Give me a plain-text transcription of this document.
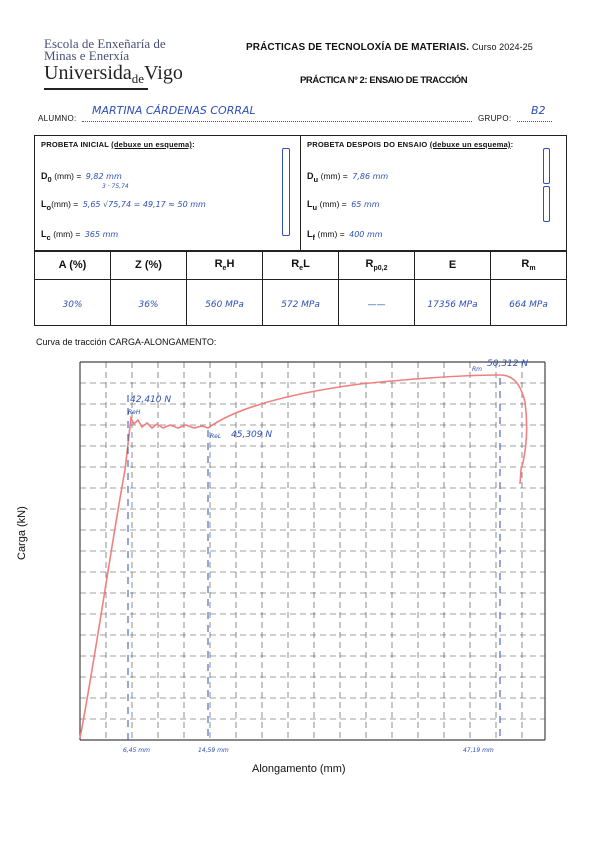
Escola de Enxeñaría de
Minas e Enerxía
Universida$_{de}$Vigo
PRÁCTICAS DE TECNOLOXÍA DE MATERIAIS. Curso 2024-25
PRÁCTICA Nº 2: ENSAIO DE TRACCIÓN
ALUMNO:
MARTINA CÁRDENAS CORRAL
GRUPO:
B2
PROBETA INICIAL (debuxe un esquema):
$D_0$ (mm) = 9,82 mm
3 · 75,74
$L_o(mm) = 5,65$ √75,74 = 49,17 ≈ 50 mm
$L_c$ (mm) = 365 mm
PROBETA DESPOIS DO ENSAIO (debuxe un esquema):
$D_u$ (mm) = 7,86 mm
$L_u$ (mm) = 65 mm
$L_f$ (mm) = 400 mm
A (%)	Z (%)	$R_eH$	$R_eL$	$R_{p0,2}$	E	$R_m$
30%	36%	560 MPa	572 MPa	——	17356 MPa	664 MPa
Curva de tracción CARGA-ALONGAMENTO:
ReH
42,410 N
ReL 45,309 N
Rm
50,312 N
6,45 mm	14,59 mm	47,19 mm
Carga (kN)
Alongamento (mm)
